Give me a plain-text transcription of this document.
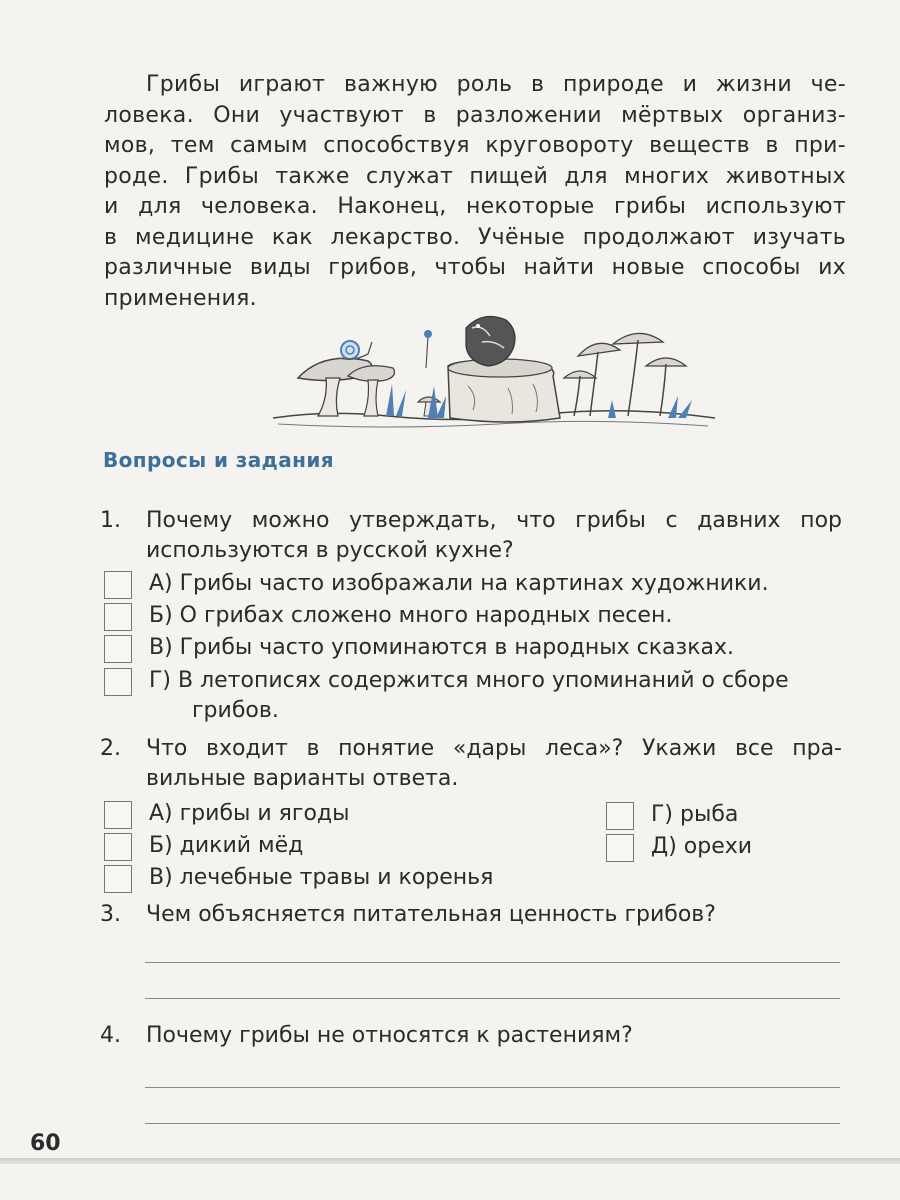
Грибы играют важную роль в природе и жизни че-
ловека. Они участвуют в разложении мёртвых организ-
мов, тем самым способствуя круговороту веществ в при-
роде. Грибы также служат пищей для многих животных
и для человека. Наконец, некоторые грибы используют
в медицине как лекарство. Учёные продолжают изучать
различные виды грибов, чтобы найти новые способы их
применения.
Вопросы и задания
1.	Почему можно утверждать, что грибы с давних пор
используются в русской кухне?
А) Грибы часто изображали на картинах художники.
Б) О грибах сложено много народных песен.
В) Грибы часто упоминаются в народных сказках.
Г) В летописях содержится много упоминаний о сборе
грибов.
2.	Что входит в понятие «дары леса»? Укажи все пра-
вильные варианты ответа.
А) грибы и ягоды
Б) дикий мёд
В) лечебные травы и коренья
Г) рыба
Д) орехи
3.	Чем объясняется питательная ценность грибов?
4.	Почему грибы не относятся к растениям?
60
